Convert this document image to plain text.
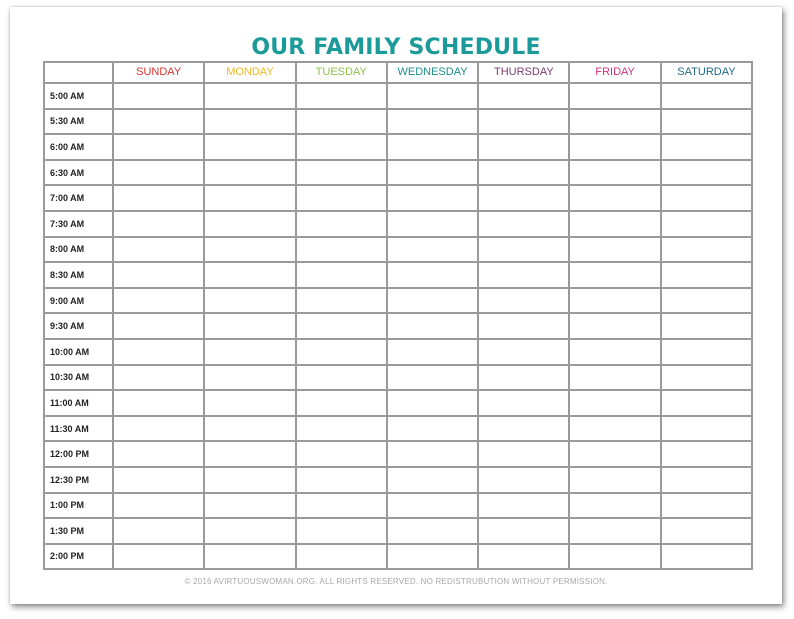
OUR FAMILY SCHEDULE
	SUNDAY	MONDAY	TUESDAY	WEDNESDAY	THURSDAY	FRIDAY	SATURDAY
5:00 AM							
5:30 AM							
6:00 AM							
6:30 AM							
7:00 AM							
7:30 AM							
8:00 AM							
8:30 AM							
9:00 AM							
9:30 AM							
10:00 AM							
10:30 AM							
11:00 AM							
11:30 AM							
12:00 PM							
12:30 PM							
1:00 PM							
1:30 PM							
2:00 PM							
© 2016 AVIRTUOUSWOMAN.ORG. ALL RIGHTS RESERVED. NO REDISTRUBUTION WITHOUT PERMISSION.
